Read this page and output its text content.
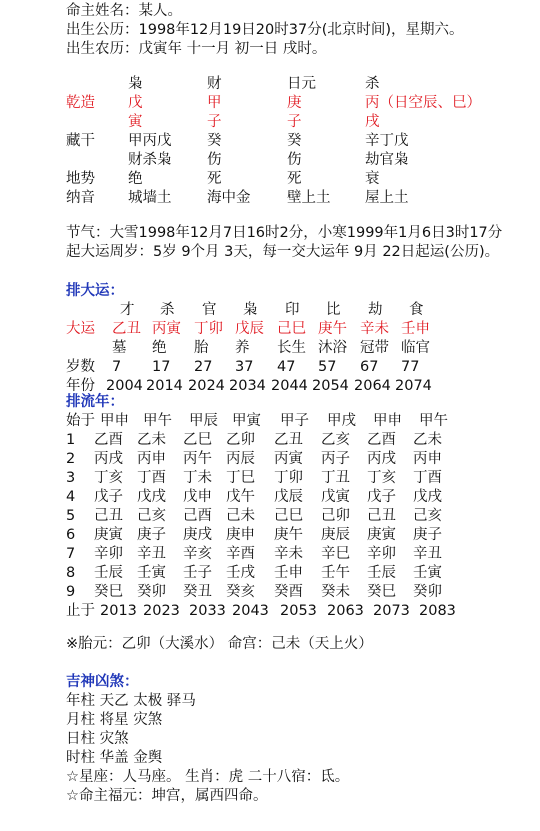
命主姓名：某人。
出生公历：1998年12月19日20时37分(北京时间)，星期六。
出生农历：戊寅年 十一月 初一日 戌时。
枭	财	日元	杀
乾造 戊	甲	庚	丙（日空辰、巳）
寅	子	子	戌
藏干 甲丙戊 癸	癸	辛丁戊
财杀枭 伤	伤	劫官枭
地势 绝	死	死	衰
纳音 城墙土 海中金	壁上土 屋上土
节气：大雪1998年12月7日16时2分，小寒1999年1月6日3时17分
起大运周岁：5岁 9个月 3天，每一交大运年 9月 22日起运(公历)。
排大运：
才 杀 官 枭 印 比 劫 食
大运 乙丑 丙寅 丁卯 戊辰 己巳 庚午 辛未 壬申
墓 绝 胎 养 长生 沐浴 冠带 临官
岁数 7 17 27 37 47 57 67 77
年份 2004 2014 2024 2034 2044 2054 2064 2074
排流年：
始于 甲申 甲午 甲辰 甲寅 甲子 甲戌 甲申 甲午
1 乙酉 乙未 乙巳 乙卯 乙丑 乙亥 乙酉 乙未
2 丙戌 丙申 丙午 丙辰 丙寅 丙子 丙戌 丙申
3 丁亥 丁酉 丁未 丁巳 丁卯 丁丑 丁亥 丁酉
4 戊子 戊戌 戊申 戊午 戊辰 戊寅 戊子 戊戌
5 己丑 己亥 己酉 己未 己巳 己卯 己丑 己亥
6 庚寅 庚子 庚戌 庚申 庚午 庚辰 庚寅 庚子
7 辛卯 辛丑 辛亥 辛酉 辛未 辛巳 辛卯 辛丑
8 壬辰 壬寅 壬子 壬戌 壬申 壬午 壬辰 壬寅
9 癸巳 癸卯 癸丑 癸亥 癸酉 癸未 癸巳 癸卯
止于 2013 2023 2033 2043 2053 2063 2073 2083
※胎元：乙卯（大溪水） 命宫：己未（天上火）
吉神凶煞：
年柱 天乙 太极 驿马
月柱 将星 灾煞
日柱 灾煞
时柱 华盖 金舆
☆星座：人马座。 生肖：虎 二十八宿：氐。
☆命主福元：坤宫，属西四命。
